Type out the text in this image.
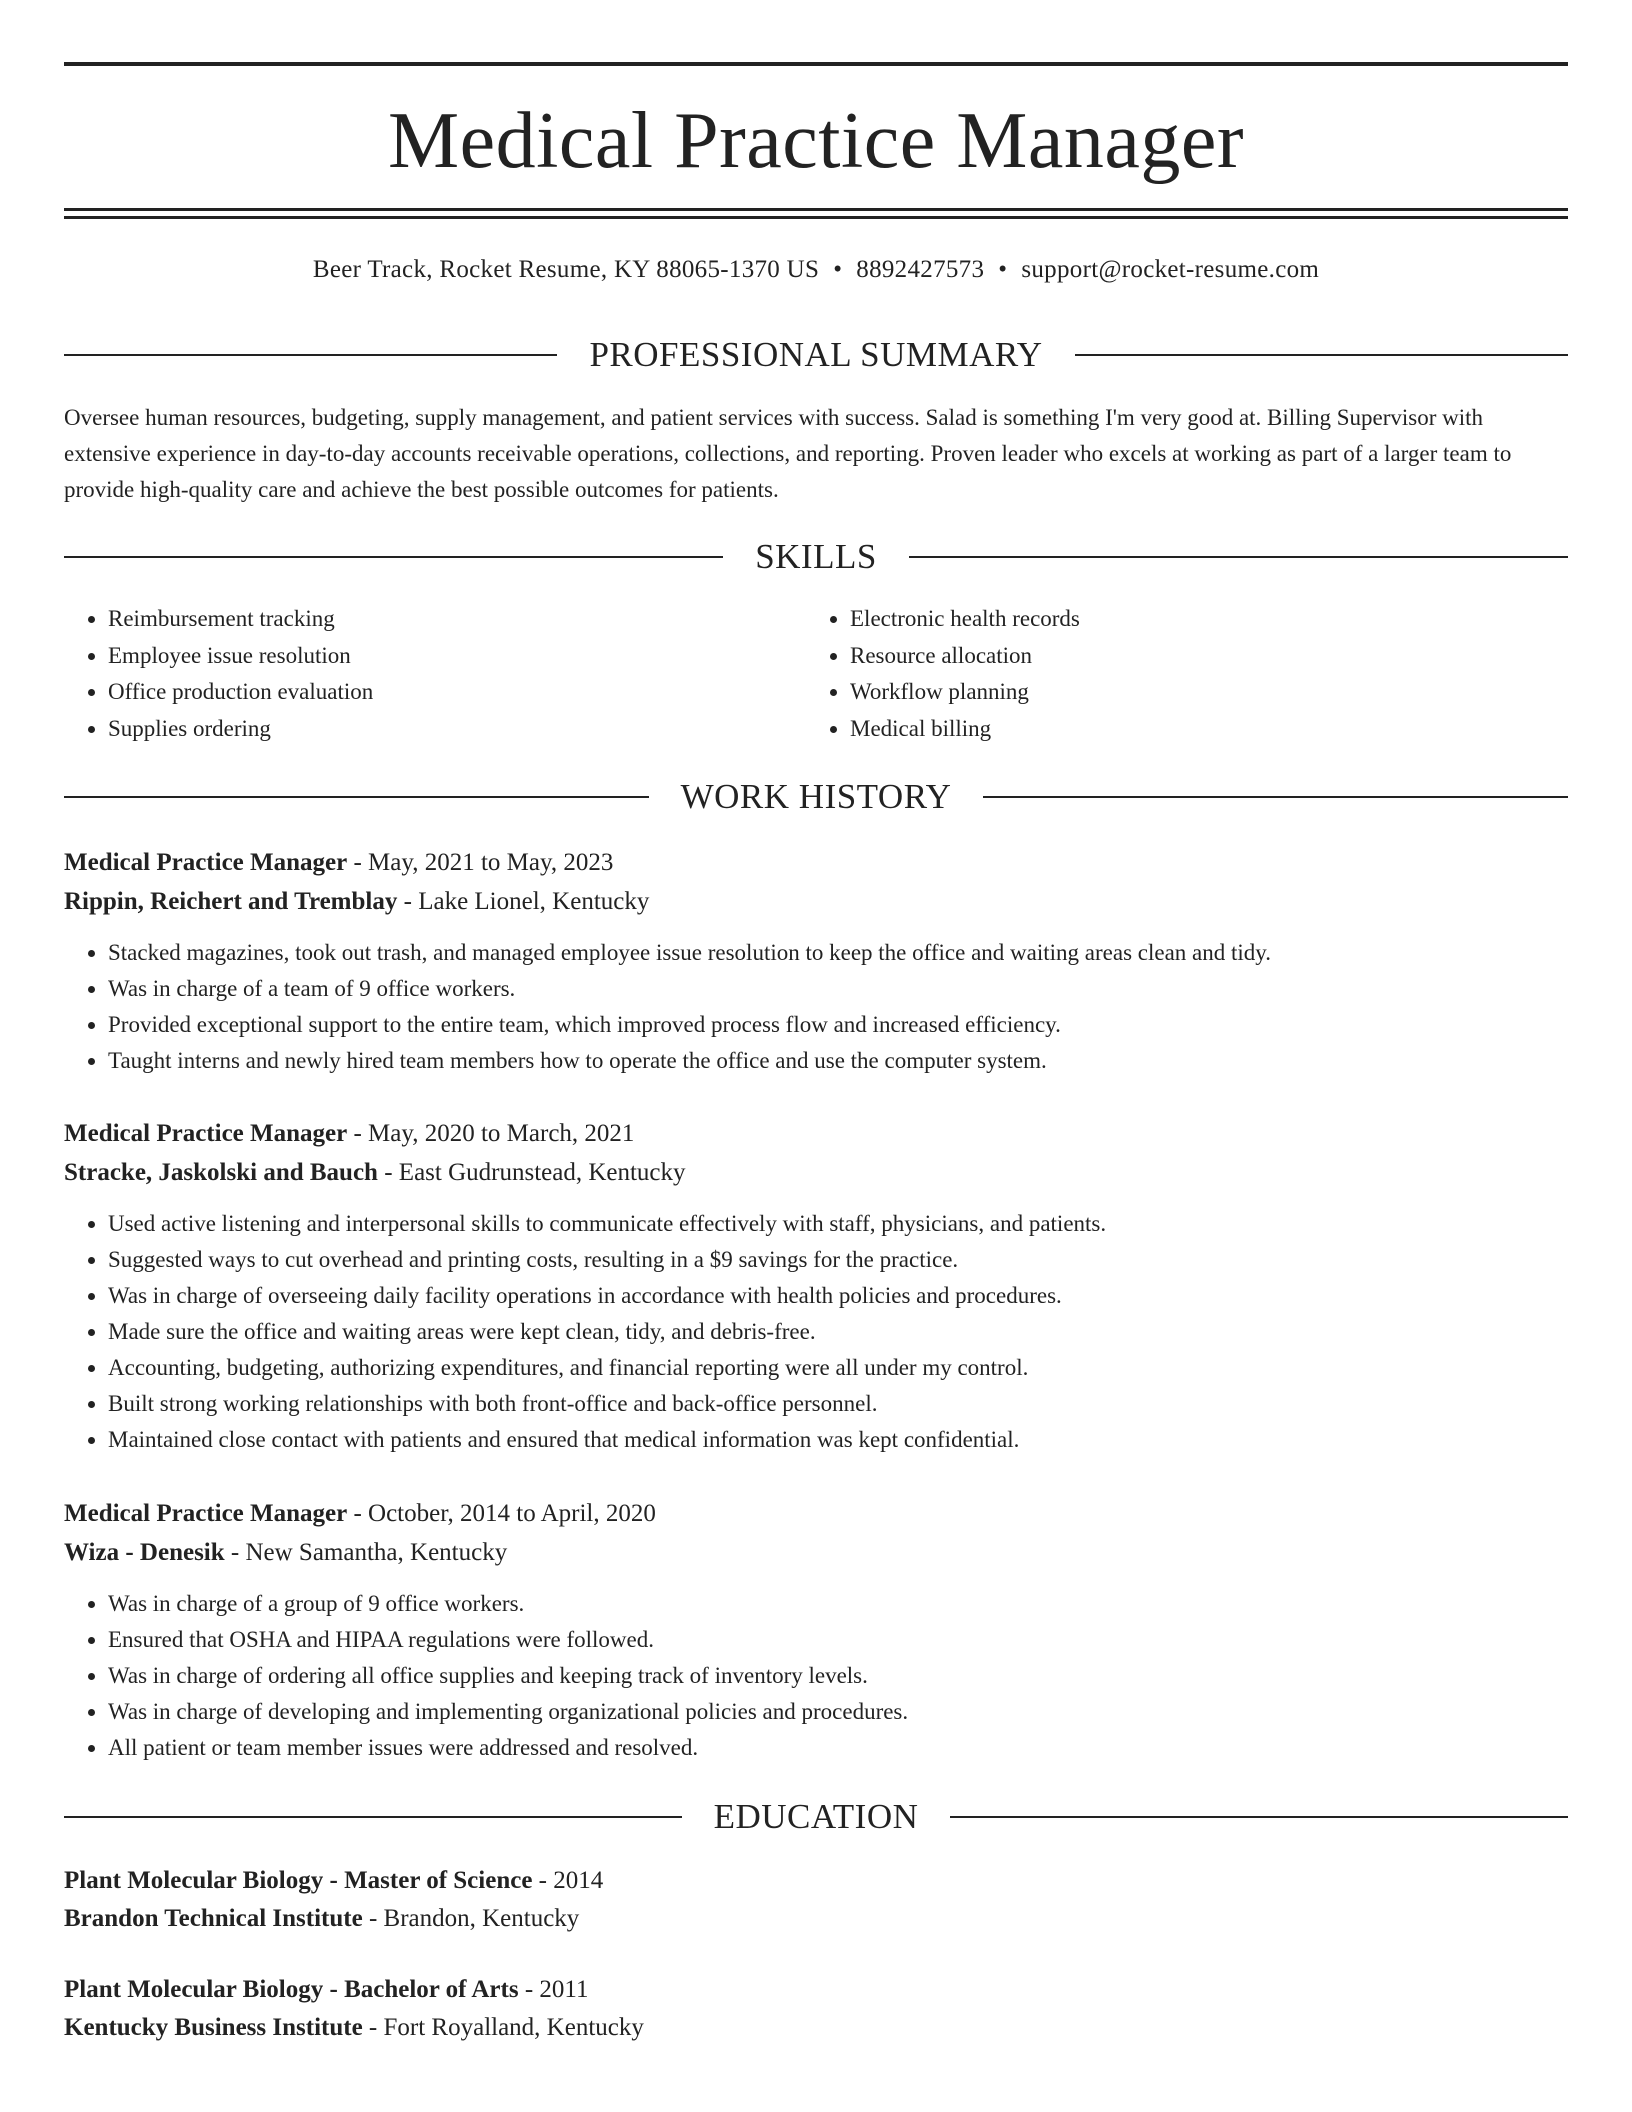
Medical Practice Manager
Beer Track, Rocket Resume, KY 88065-1370 US • 8892427573 • support@rocket-resume.com
PROFESSIONAL SUMMARY

Oversee human resources, budgeting, supply management, and patient services with success. Salad is something I'm very good at. Billing Supervisor with extensive experience in day-to-day accounts receivable operations, collections, and reporting. Proven leader who excels at working as part of a larger team to provide high-quality care and achieve the best possible outcomes for patients.

SKILLS
• Reimbursement tracking
• Employee issue resolution
• Office production evaluation
• Supplies ordering
• Electronic health records
• Resource allocation
• Workflow planning
• Medical billing
WORK HISTORY

Medical Practice Manager - May, 2021 to May, 2023

Rippin, Reichert and Tremblay - Lake Lionel, Kentucky

• Stacked magazines, took out trash, and managed employee issue resolution to keep the office and waiting areas clean and tidy.
• Was in charge of a team of 9 office workers.
• Provided exceptional support to the entire team, which improved process flow and increased efficiency.
• Taught interns and newly hired team members how to operate the office and use the computer system.

Medical Practice Manager - May, 2020 to March, 2021

Stracke, Jaskolski and Bauch - East Gudrunstead, Kentucky

• Used active listening and interpersonal skills to communicate effectively with staff, physicians, and patients.
• Suggested ways to cut overhead and printing costs, resulting in a $9 savings for the practice.
• Was in charge of overseeing daily facility operations in accordance with health policies and procedures.
• Made sure the office and waiting areas were kept clean, tidy, and debris-free.
• Accounting, budgeting, authorizing expenditures, and financial reporting were all under my control.
• Built strong working relationships with both front-office and back-office personnel.
• Maintained close contact with patients and ensured that medical information was kept confidential.

Medical Practice Manager - October, 2014 to April, 2020

Wiza - Denesik - New Samantha, Kentucky

• Was in charge of a group of 9 office workers.
• Ensured that OSHA and HIPAA regulations were followed.
• Was in charge of ordering all office supplies and keeping track of inventory levels.
• Was in charge of developing and implementing organizational policies and procedures.
• All patient or team member issues were addressed and resolved.
EDUCATION

Plant Molecular Biology - Master of Science - 2014

Brandon Technical Institute - Brandon, Kentucky

Plant Molecular Biology - Bachelor of Arts - 2011

Kentucky Business Institute - Fort Royalland, Kentucky
